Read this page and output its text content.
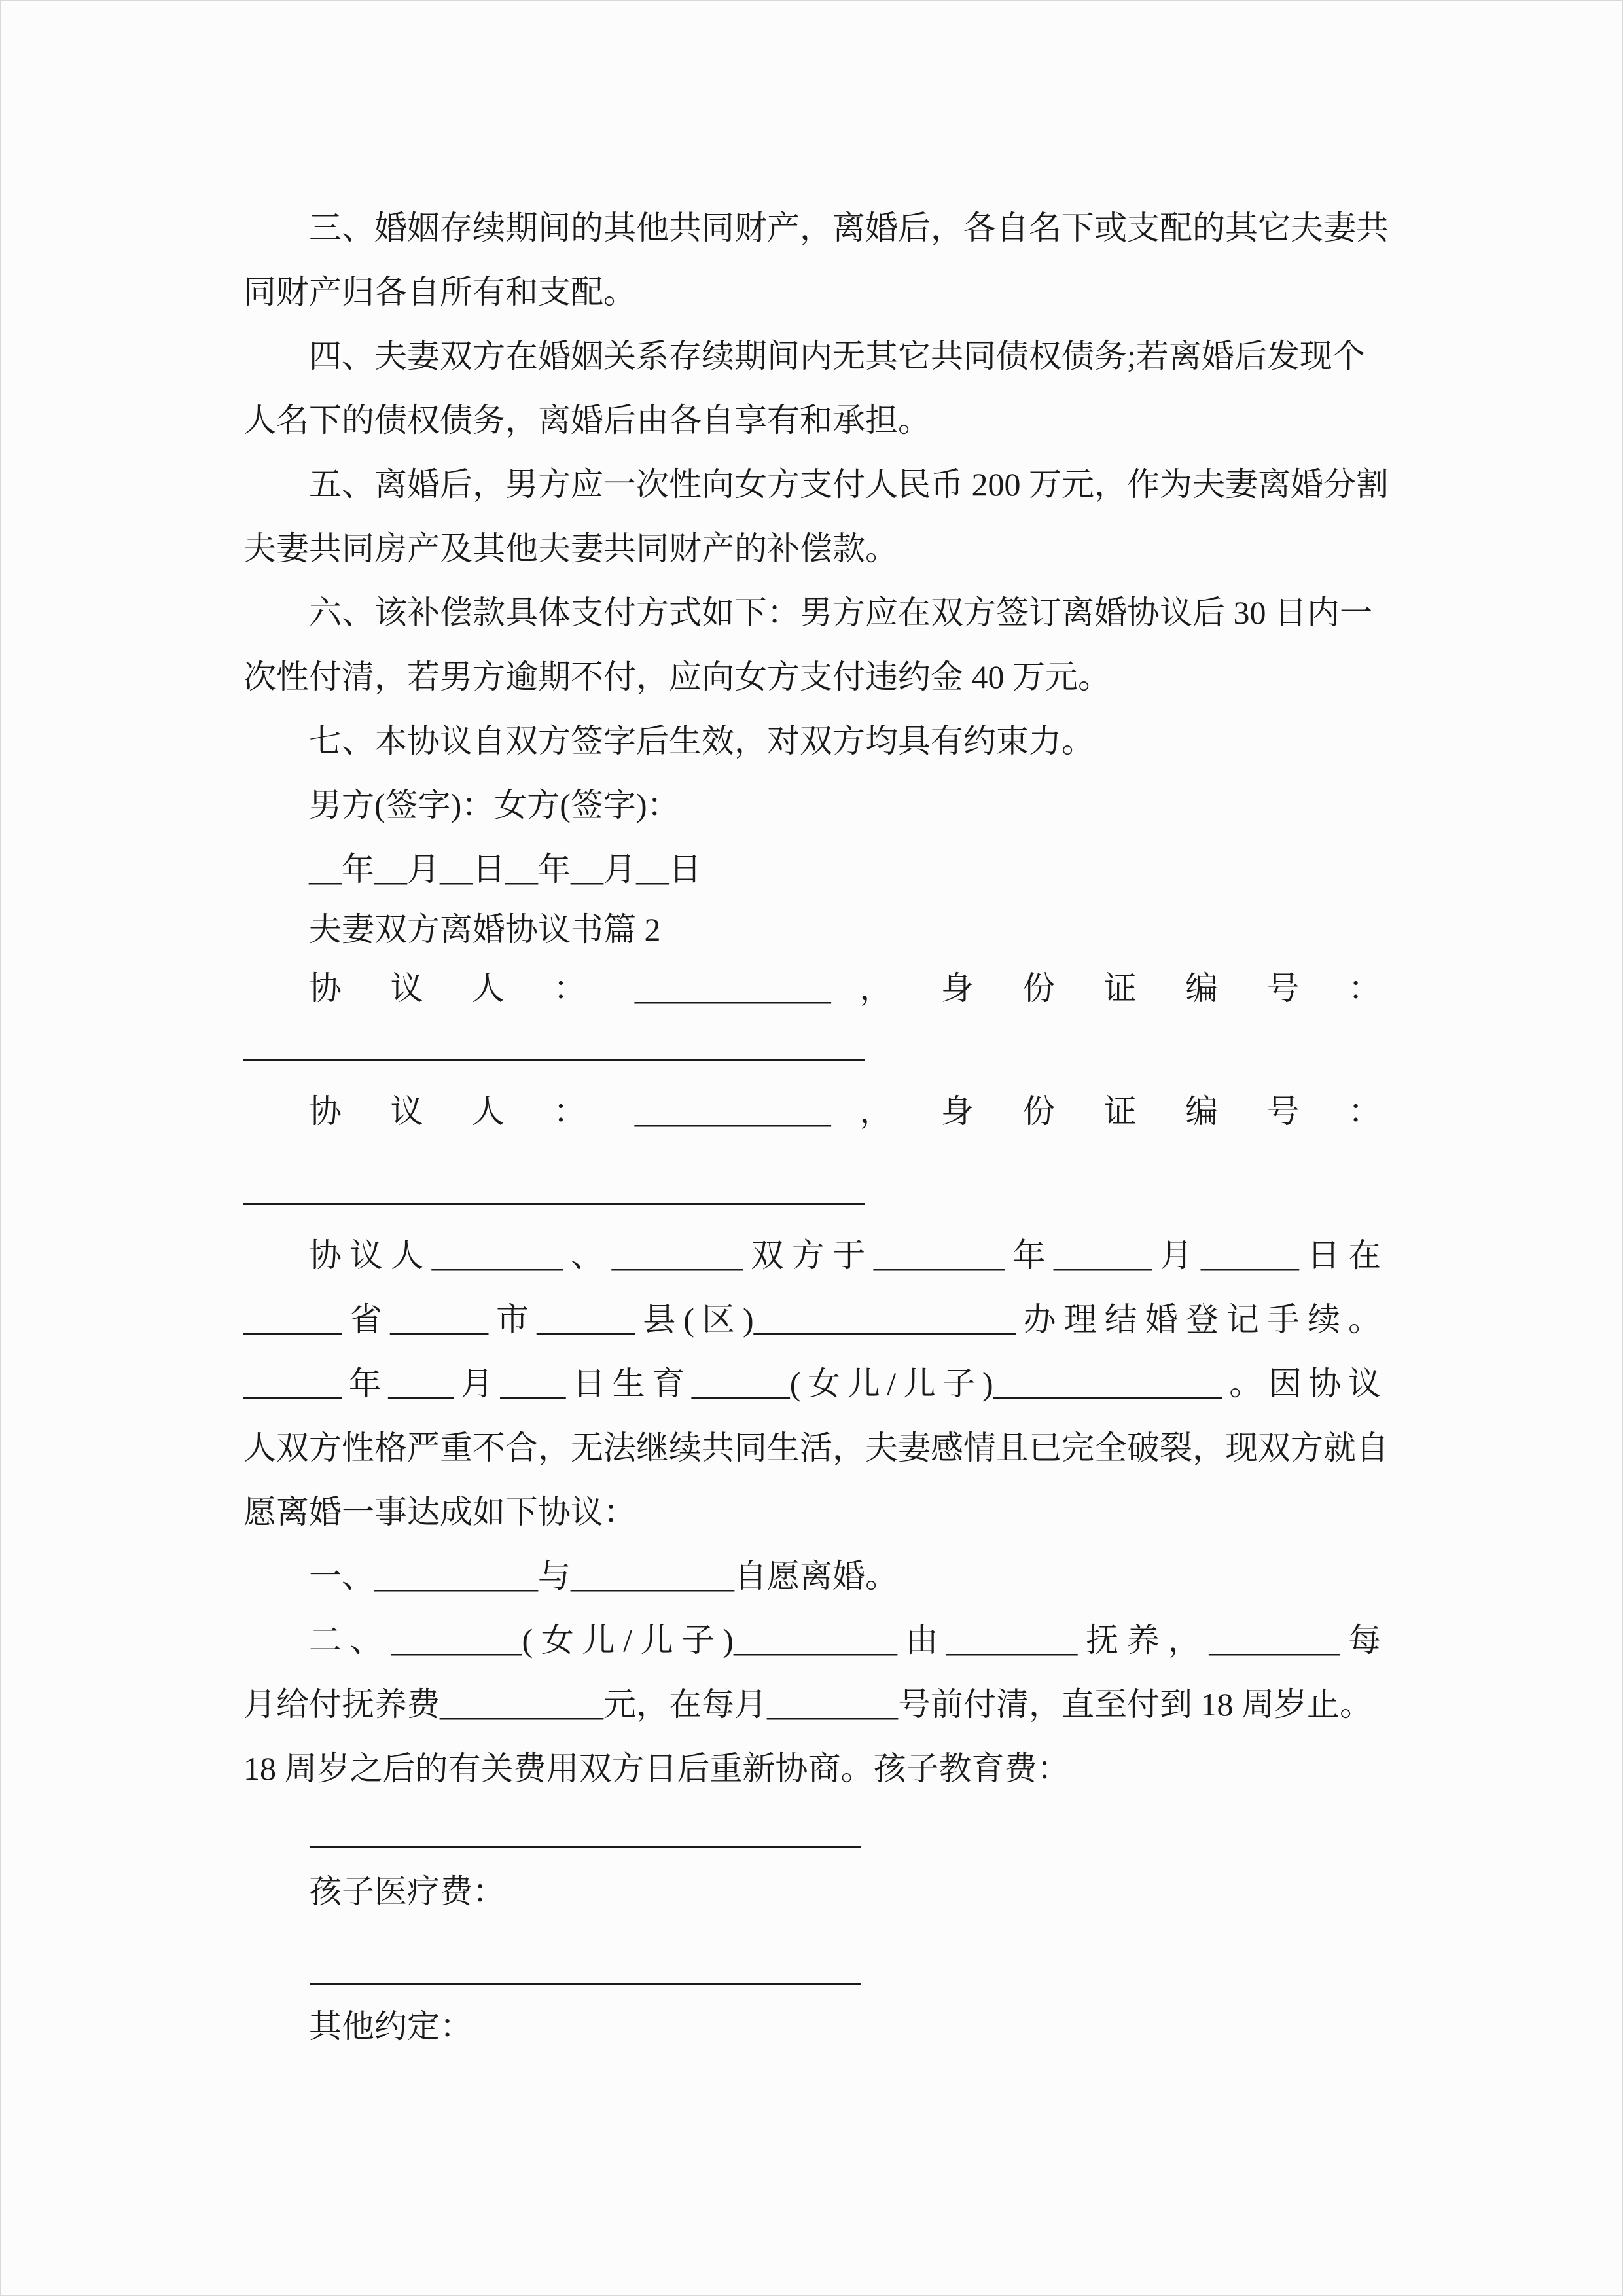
三、婚姻存续期间的其他共同财产，离婚后，各自名下或支配的其它夫妻共
同财产归各自所有和支配。
四、夫妻双方在婚姻关系存续期间内无其它共同债权债务;若离婚后发现个
人名下的债权债务，离婚后由各自享有和承担。
五、离婚后，男方应一次性向女方支付人民币 200 万元，作为夫妻离婚分割
夫妻共同房产及其他夫妻共同财产的补偿款。
六、该补偿款具体支付方式如下：男方应在双方签订离婚协议后 30 日内一
次性付清，若男方逾期不付，应向女方支付违约金 40 万元。
七、本协议自双方签字后生效，对双方均具有约束力。
男方(签字)：女方(签字)：
__年__月__日__年__月__日
夫妻双方离婚协议书篇 2
协 议 人 ： ____________ ， 身 份 证 编 号 ：
协 议 人 ： ____________ ， 身 份 证 编 号 ：
协议人________、________双方于________年______月______日在
______省______市______县(区)________________办理结婚登记手续。
______年____月____日生育______(女儿/儿子)______________。因协议
人双方性格严重不合，无法继续共同生活，夫妻感情且已完全破裂，现双方就自
愿离婚一事达成如下协议：
一、__________与__________自愿离婚。
二、________(女儿/儿子)__________由________抚养，________每
月给付抚养费__________元，在每月________号前付清，直至付到 18 周岁止。
18 周岁之后的有关费用双方日后重新协商。孩子教育费：
孩子医疗费：
其他约定：
